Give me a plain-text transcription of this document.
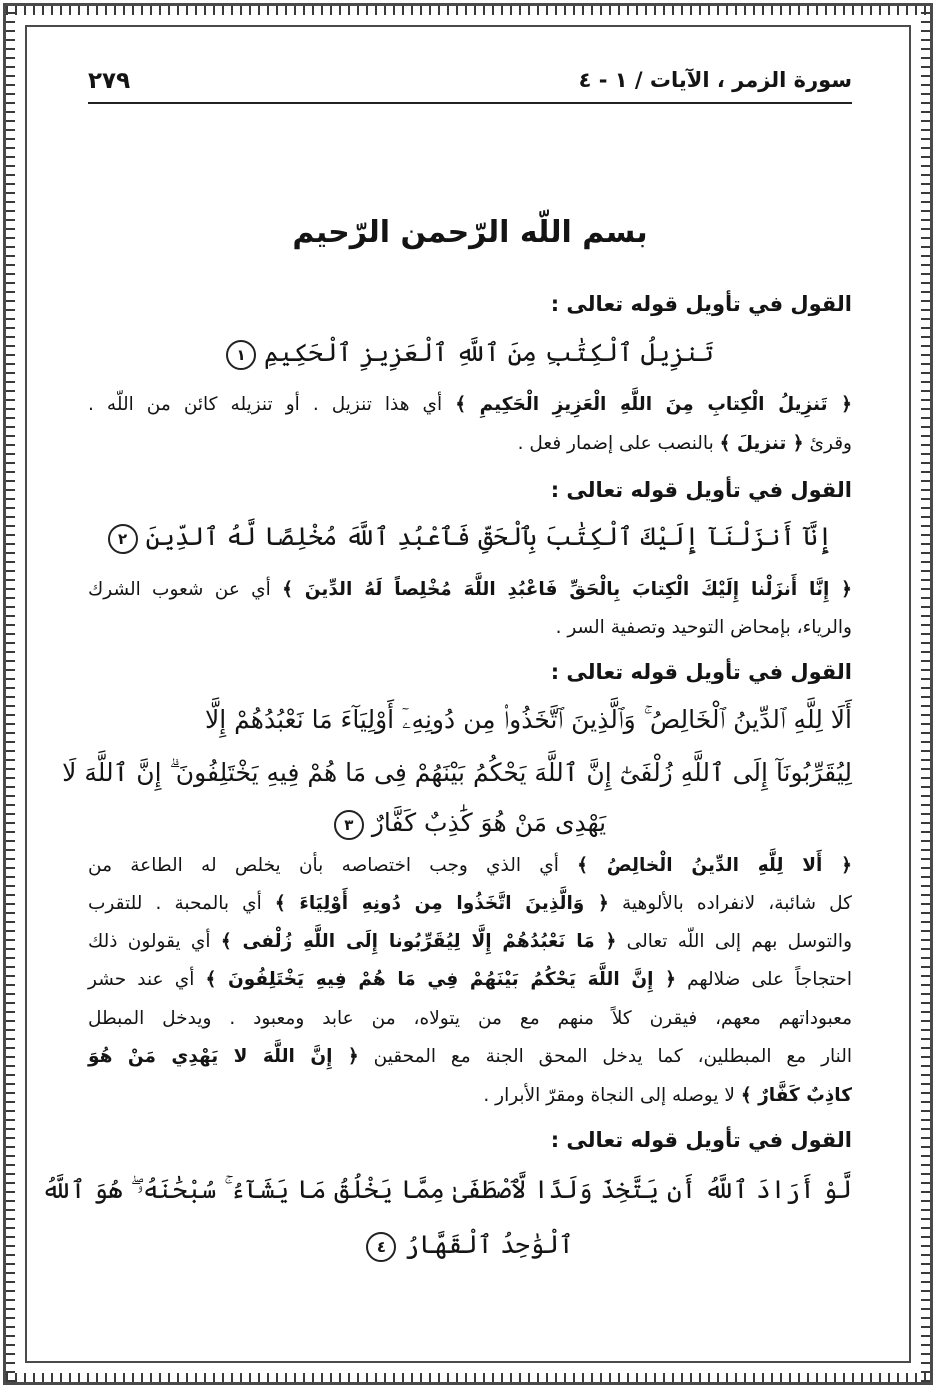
سورة الزمر ، الآيات / ١ - ٤
٢٧٩
بسم اللّه الرّحمن الرّحيم
القول في تأويل قوله تعالى :
تَنزِيلُ ٱلْكِتَٰبِ مِنَ ٱللَّهِ ٱلْعَزِيزِ ٱلْحَكِيمِ١
﴿ تَنزِيلُ الْكِتابِ مِنَ اللَّهِ الْعَزِيزِ الْحَكِيمِ ﴾ أي هذا تنزيل . أو تنزيله كائن من اللّه .
وقرئ ﴿ تنزيلَ ﴾ بالنصب على إضمار فعل .
القول في تأويل قوله تعالى :
إِنَّآ أَنزَلْنَآ إِلَيْكَ ٱلْكِتَٰبَ بِٱلْحَقِّ فَٱعْبُدِ ٱللَّهَ مُخْلِصًا لَّهُ ٱلدِّينَ٢
﴿ إِنَّا أَنزَلْنا إِلَيْكَ الْكِتابَ بِالْحَقِّ فَاعْبُدِ اللَّهَ مُخْلِصاً لَهُ الدِّينَ ﴾ أي عن شعوب الشرك
والرياء، بإمحاض التوحيد وتصفية السر .
القول في تأويل قوله تعالى :
أَلَا لِلَّهِ ٱلدِّينُ ٱلْخَالِصُ ۚ وَٱلَّذِينَ ٱتَّخَذُوا۟ مِن دُونِهِۦٓ أَوْلِيَآءَ مَا نَعْبُدُهُمْ إِلَّا
لِيُقَرِّبُونَآ إِلَى ٱللَّهِ زُلْفَىٰٓ إِنَّ ٱللَّهَ يَحْكُمُ بَيْنَهُمْ فِى مَا هُمْ فِيهِ يَخْتَلِفُونَ ۗ إِنَّ ٱللَّهَ لَا
يَهْدِى مَنْ هُوَ كَٰذِبٌ كَفَّارٌ٣
﴿ أَلا لِلَّهِ الدِّينُ الْخالِصُ ﴾ أي الذي وجب اختصاصه بأن يخلص له الطاعة من
كل شائبة، لانفراده بالألوهية ﴿ وَالَّذِينَ اتَّخَذُوا مِن دُونِهِ أَوْلِيَاءَ ﴾ أي بالمحبة . للتقرب
والتوسل بهم إلى اللّه تعالى ﴿ مَا نَعْبُدُهُمْ إِلَّا لِيُقَرِّبُونا إِلَى اللَّهِ زُلْفى ﴾ أي يقولون ذلك
احتجاجاً على ضلالهم ﴿ إِنَّ اللَّهَ يَحْكُمُ بَيْنَهُمْ فِي مَا هُمْ فِيهِ يَخْتَلِفُونَ ﴾ أي عند حشر
معبوداتهم معهم، فيقرن كلاً منهم مع من يتولاه، من عابد ومعبود . ويدخل المبطل
النار مع المبطلين، كما يدخل المحق الجنة مع المحقين ﴿ إِنَّ اللَّهَ لا يَهْدِي مَنْ هُوَ
كاذِبٌ كَفَّارٌ ﴾ لا يوصله إلى النجاة ومقرّ الأبرار .
القول في تأويل قوله تعالى :
لَّوْ أَرَادَ ٱللَّهُ أَن يَتَّخِذَ وَلَدًا لَّٱصْطَفَىٰ مِمَّا يَخْلُقُ مَا يَشَآءُ ۚ سُبْحَٰنَهُۥ ۖ هُوَ ٱللَّهُ
ٱلْوَٰحِدُ ٱلْقَهَّارُ٤
